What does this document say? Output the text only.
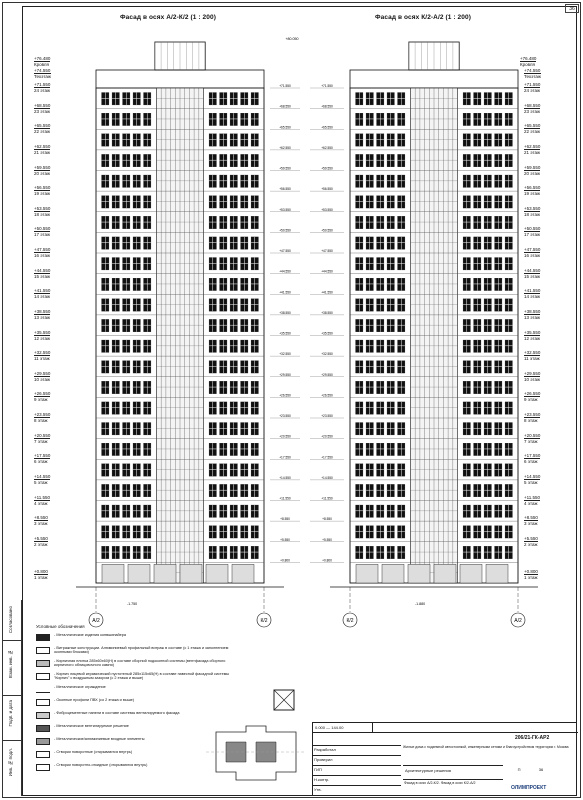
36
Фасад в осях А/2-К/2 (1 : 200)	Фасад в осях К/2-А/2 (1 : 200)
А/2	К/2	А/2
К/2
+71.550	+71.550
+68.550	+68.550
+65.550	+65.550
+62.550	+62.550
+59.550	+59.550
+56.550	+56.550
+53.550	+53.550
+50.550	+50.550
+47.550	+47.550
+44.550	+44.550
+41.550	+41.550
+38.550	+38.550
+35.550	+35.550
+32.550	+32.550
+29.550	+29.550
+26.550	+26.550
+23.550	+23.550
+20.550	+20.550
+17.550	+17.550
+14.550	+14.550
+11.550	+11.550
+8.550	+8.550
+5.550	+5.550
+0.800	+0.800
+80.050
-1.750	-1.880
+76.480
Кровля
+76.480
Кровля
+74.550
Техэтаж
+74.550
Техэтаж
+71.550
24 этаж
+71.550
24 этаж
+68.550
23 этаж
+68.550
23 этаж
+65.550
22 этаж
+65.550
22 этаж
+62.550
21 этаж
+62.550
21 этаж
+59.550
20 этаж
+59.550
20 этаж
+56.550
19 этаж
+56.550
19 этаж
+53.550
18 этаж
+53.550
18 этаж
+50.550
17 этаж
+50.550
17 этаж
+47.550
16 этаж
+47.550
16 этаж
+44.550
15 этаж
+44.550
15 этаж
+41.550
14 этаж
+41.550
14 этаж
+38.550
13 этаж
+38.550
13 этаж
+35.550
12 этаж
+35.550
12 этаж
+32.550
11 этаж
+32.550
11 этаж
+29.550
10 этаж
+29.550
10 этаж
+26.550
9 этаж
+26.550
9 этаж
+23.550
8 этаж
+23.550
8 этаж
+20.550
7 этаж
+20.550
7 этаж
+17.550
6 этаж
+17.550
6 этаж
+14.550
5 этаж
+14.550
5 этаж
+11.550
4 этаж
+11.550
4 этаж
+8.550
3 этаж
+8.550
3 этаж
+5.550
2 этаж
+5.550
2 этаж
+0.800
1 этаж
+0.800
1 этаж
Согласовано
Взам. инв. №
Подп. и дата
Инв. № подл.
Условные обозначения
- Металлические изделия конвшинайера
- Витражные конструкции. Алюминиевый профильный витраж в составе (с 1 этажа и заполнением оконными блоками)
- Кирпичная плитка 285х60х60(Н) в составе сборной подоконной системы (вентфасада сборного кирпичного облицовочного камня)
- Кирпич лицевой керамический пустотелый 285х115х65(Н) в составе навесной фасадной системы "Кирпич" с воздушным зазором (с 2 этажа и выше)
- Металлическое ограждение
- Оконные профили ПВХ (со 2 этажа и выше)
- Фиброцементные панели в составе системы вентилируемого фасада
- Металлическое вентилируемое решение
- Металлические/алюминиевые входные элементы
- Створки поворотные (открываются внутрь)
- Створки поворотно-откидные (открываются внутрь)
0.000 — 144.00
206/21-ГК-АР2
Жилые дома с подземной автостоянкой, инженерными сетями и благоустройством территории г. Москва
Архитектурные решения
Фасад в осях А/2-К/2. Фасад в осях К/2-А/2
П	36
ОЛИМПРОЕКТ
Разработал
Проверил
ГИП
Н.контр.
Утв.
